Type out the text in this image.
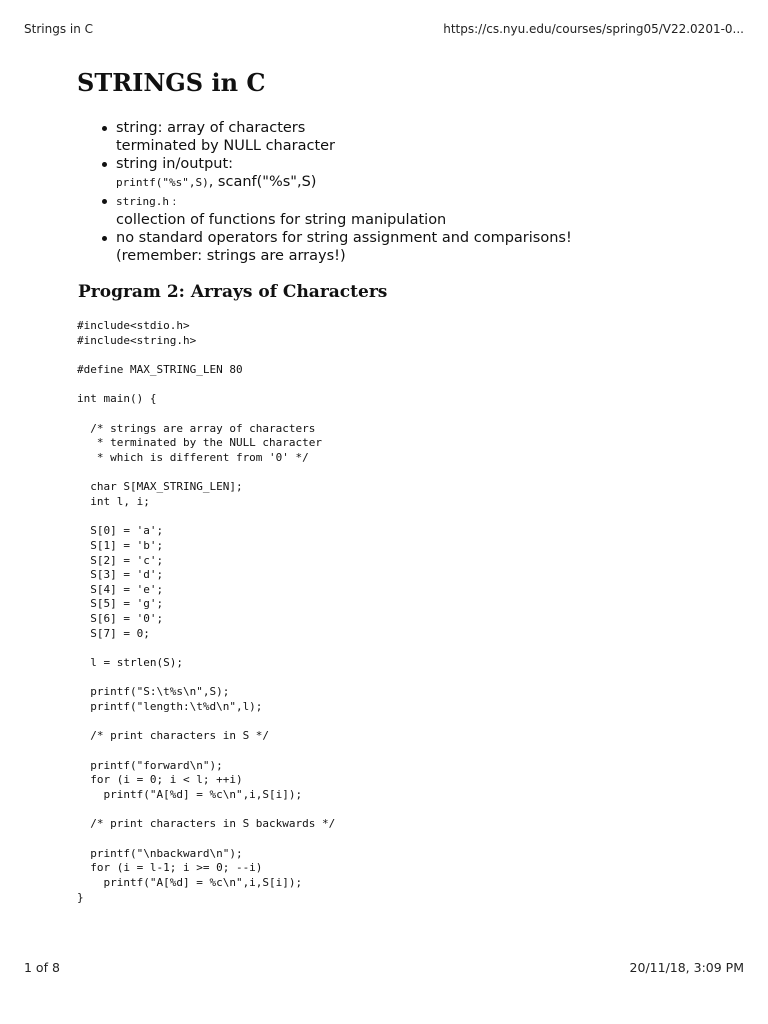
Strings in C	https://cs.nyu.edu/courses/spring05/V22.0201-0...
STRINGS in C
string: array of characters
terminated by NULL character
string in/output:
printf("%s",S), scanf("%s",S)
string.h :
collection of functions for string manipulation
no standard operators for string assignment and comparisons!
(remember: strings are arrays!)
Program 2: Arrays of Characters
#include<stdio.h>
#include<string.h>
#define MAX_STRING_LEN 80
int main() {
/* strings are array of characters
* terminated by the NULL character
* which is different from '0' */
char S[MAX_STRING_LEN];
int l, i;
S[0] = 'a';
S[1] = 'b';
S[2] = 'c';
S[3] = 'd';
S[4] = 'e';
S[5] = 'g';
S[6] = '0';
S[7] = 0;
l = strlen(S);
printf("S:\t%s\n",S);
printf("length:\t%d\n",l);
/* print characters in S */
printf("forward\n");
for (i = 0; i < l; ++i)
printf("A[%d] = %c\n",i,S[i]);
/* print characters in S backwards */
printf("\nbackward\n");
for (i = l-1; i >= 0; --i)
printf("A[%d] = %c\n",i,S[i]);
}
1 of 8	20/11/18, 3:09 PM
